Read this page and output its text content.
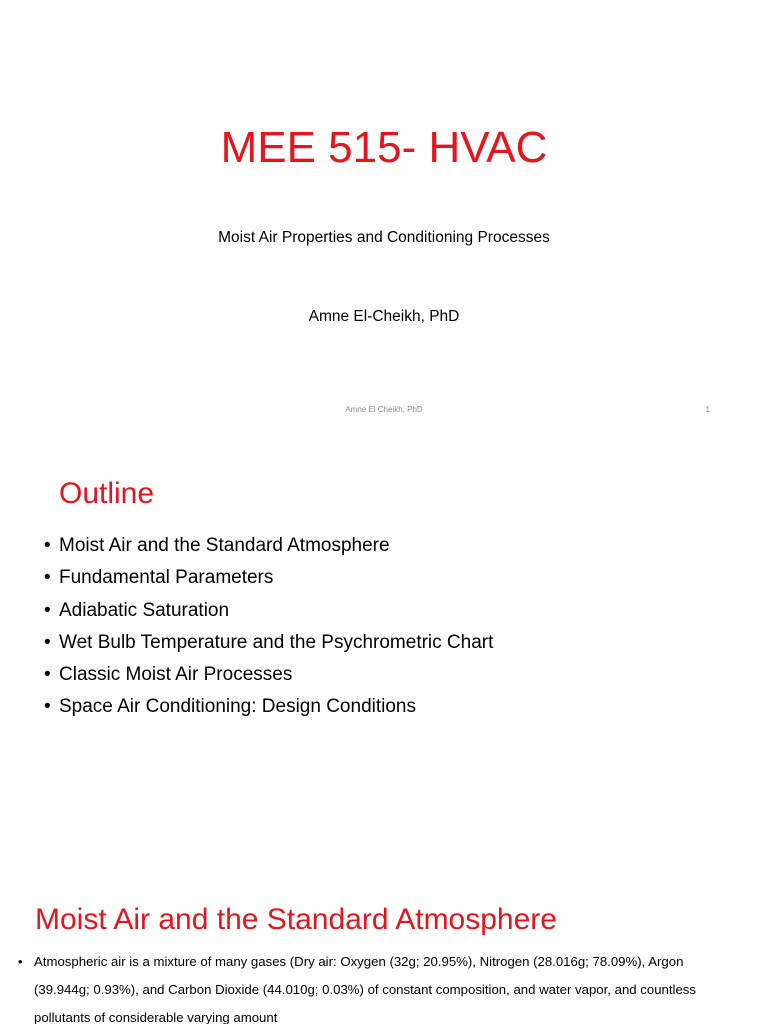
MEE 515- HVAC
Moist Air Properties and Conditioning Processes
Amne El-Cheikh, PhD
Amne El Cheikh, PhD	1
Outline
• Moist Air and the Standard Atmosphere
• Fundamental Parameters
• Adiabatic Saturation
• Wet Bulb Temperature and the Psychrometric Chart
• Classic Moist Air Processes
• Space Air Conditioning: Design Conditions
Moist Air and the Standard Atmosphere
• Atmospheric air is a mixture of many gases (Dry air: Oxygen (32g; 20.95%), Nitrogen (28.016g; 78.09%), Argon (39.944g; 0.93%), and Carbon Dioxide (44.010g; 0.03%) of constant composition, and water vapor, and countless pollutants of considerable varying amount
